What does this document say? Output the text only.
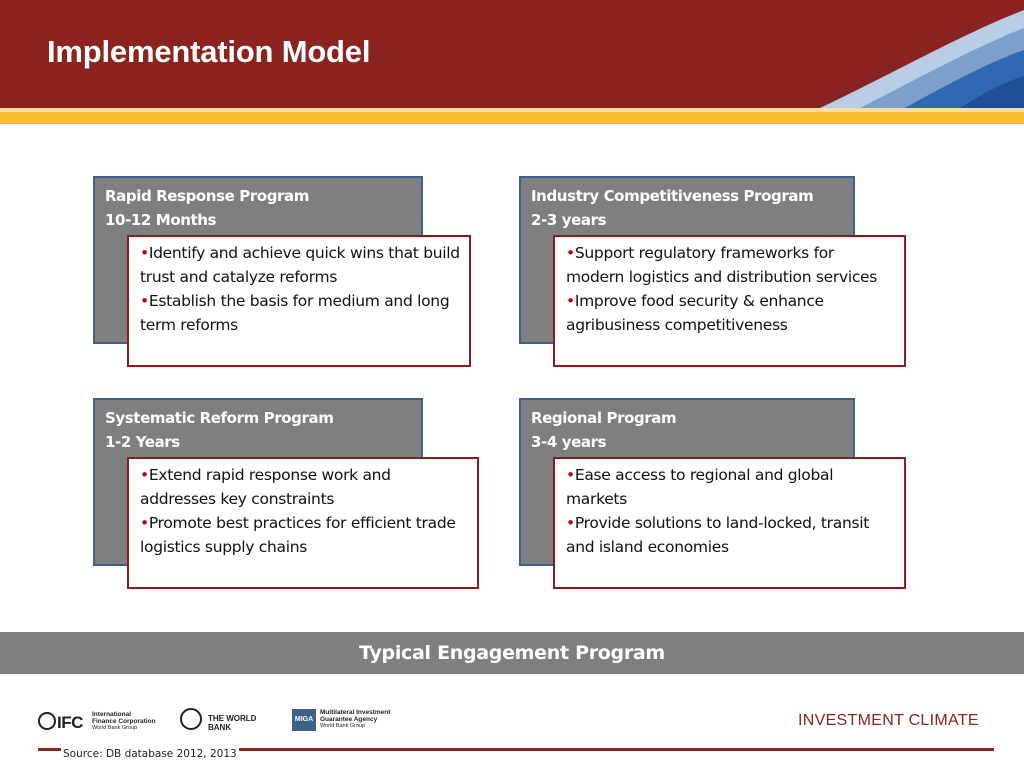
Implementation Model
Rapid Response Program
10-12 Months
•Identify and achieve quick wins that build trust and catalyze reforms
•Establish the basis for medium and long term reforms
Industry Competitiveness Program
2-3 years
•Support regulatory frameworks for modern logistics and distribution services
•Improve food security & enhance agribusiness competitiveness
Systematic Reform Program
1-2 Years
•Extend rapid response work and addresses key constraints
•Promote best practices for efficient trade logistics supply chains
Regional Program
3-4 years
•Ease access to regional and global markets
•Provide solutions to land-locked, transit and island economies
Typical Engagement Program
IFC International
Finance Corporation
World Bank Group
THE WORLD BANK
MIGA
Multilateral Investment
Guarantee Agency
World Bank Group	INVESTMENT CLIMATE
Source: DB database 2012, 2013
